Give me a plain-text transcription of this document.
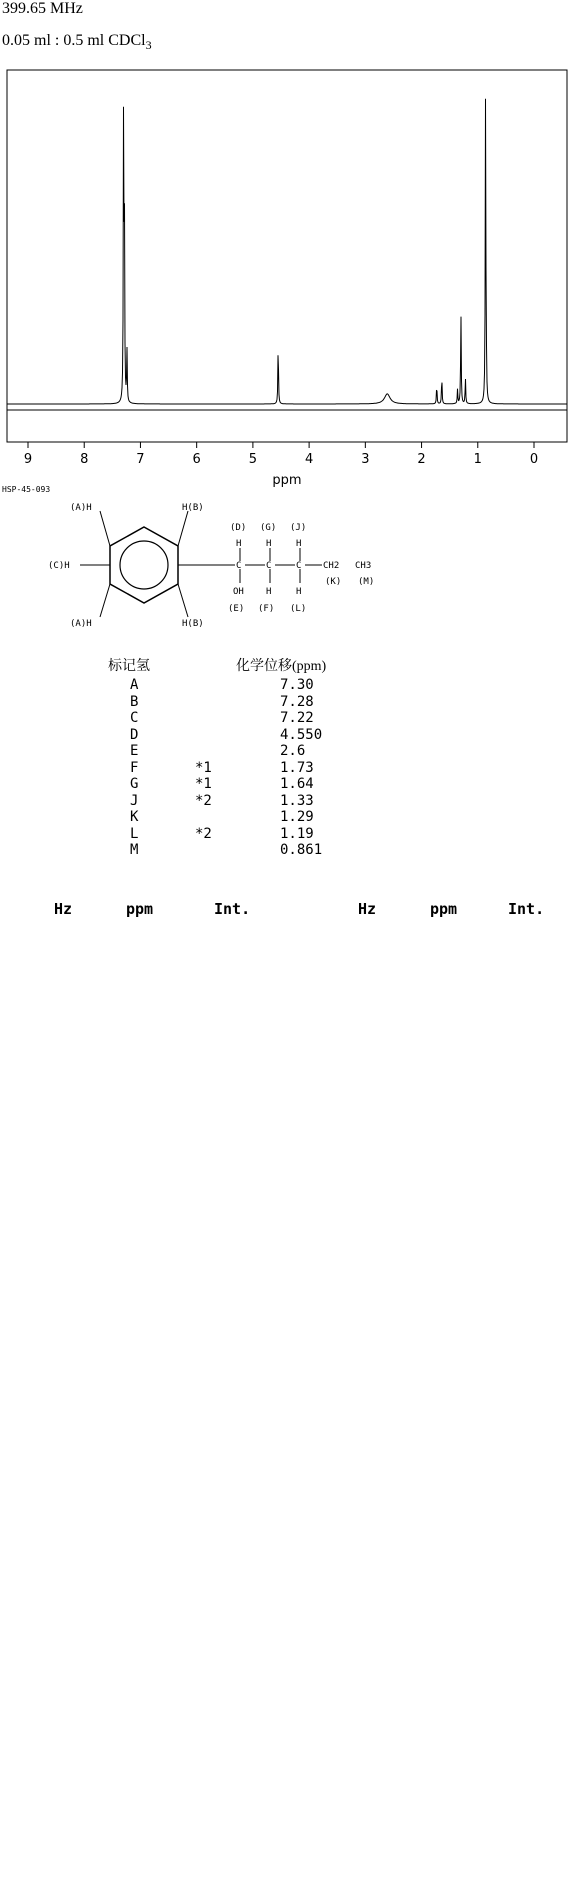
399.65 MHz
0.05 ml : 0.5 ml CDCl$_3$
9	8	7	6	5	4	3	2	1	0
ppm
HSP-45-093
(A)H	H(B)
(C)H
(A)H	H(B)
(D) (G) (J)
H	H	H
C	C	C CH2 CH3
OH H	H
(K) (M)
(E) (F) (L)
标记氢	化学位移(ppm)
A	7.30
B	7.28
C	7.22
D	4.550
E	2.6
F	*1	1.73
G	*1	1.64
J	*2	1.33
K	1.29
L	*2	1.19
M	0.861
Hz	ppm	Int.	Hz	ppm	Int.
